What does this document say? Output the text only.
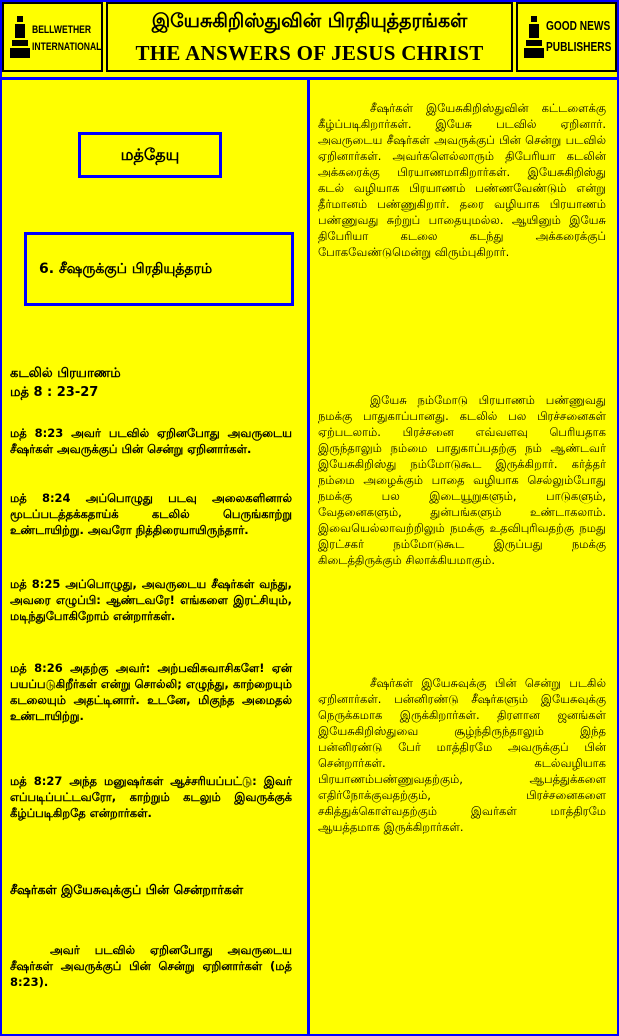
BELLWETHER
INTERNATIONAL
இயேசுகிறிஸ்துவின் பிரதியுத்தரங்கள்
THE ANSWERS OF JESUS CHRIST
GOOD NEWS
PUBLISHERS
மத்தேயு
6. சீஷருக்குப் பிரதியுத்தரம்

கடலில் பிரயாணம்
மத் 8 : 23-27

மத் 8:23 அவர் படவில் ஏறினபோது அவருடைய சீஷர்கள் அவருக்குப் பின் சென்று ஏறினார்கள்.

மத் 8:24 அப்பொழுது படவு அலைகளினால் மூடப்படத்தக்கதாய்க் கடலில் பெருங்காற்று உண்டாயிற்று. அவரோ நித்திரையாயிருந்தார்.

மத் 8:25 அப்பொழுது, அவருடைய சீஷர்கள் வந்து, அவரை எழுப்பி: ஆண்டவரே! எங்களை இரட்சியும், மடிந்துபோகிறோம் என்றார்கள்.

மத் 8:26 அதற்கு அவர்: அற்பவிசுவாசிகளே! ஏன் பயப்படுகிறீர்கள் என்று சொல்லி; எழுந்து, காற்றையும் கடலையும் அதட்டினார். உடனே, மிகுந்த அமைதல் உண்டாயிற்று.

மத் 8:27 அந்த மனுஷர்கள் ஆச்சரியப்பட்டு: இவர் எப்படிப்பட்டவரோ, காற்றும் கடலும் இவருக்குக் கீழ்ப்படிகிறதே என்றார்கள்.

சீஷர்கள் இயேசுவுக்குப் பின் சென்றார்கள்

அவர் படவில் ஏறினபோது அவருடைய சீஷர்கள் அவருக்குப் பின் சென்று ஏறினார்கள் (மத் 8:23).

சீஷர்கள் இயேசுகிறிஸ்துவின் கட்டளைக்கு கீழ்ப்படிகிறார்கள். இயேசு படவில் ஏறினார். அவருடைய சீஷர்கள் அவருக்குப் பின் சென்று படவில் ஏறினார்கள். அவர்களெல்லாரும் திபேரியா கடலின் அக்கரைக்கு பிரயாணமாகிறார்கள். இயேசுகிறிஸ்து கடல் வழியாக பிரயாணம் பண்ணவேண்டும் என்று தீர்மானம் பண்ணுகிறார். தரை வழியாக பிரயாணம் பண்ணுவது சுற்றுப் பாதையுமல்ல. ஆயினும் இயேசு திபேரியா கடலை கடந்து அக்கரைக்குப் போகவேண்டுமென்று விரும்புகிறார்.

இயேசு நம்மோடு பிரயாணம் பண்ணுவது நமக்கு பாதுகாப்பானது. கடலில் பல பிரச்சனைகள் ஏற்படலாம். பிரச்சனை எவ்வளவு பெரியதாக இருந்தாலும் நம்மை பாதுகாப்பதற்கு நம் ஆண்டவர் இயேசுகிறிஸ்து நம்மோடுகூட இருக்கிறார். கர்த்தர் நம்மை அழைக்கும் பாதை வழியாக செல்லும்போது நமக்கு பல இடையூறுகளும், பாடுகளும், வேதனைகளும், துன்பங்களும் உண்டாகலாம். இவையெல்லாவற்றிலும் நமக்கு உதவிபுரிவதற்கு நமது இரட்சகர் நம்மோடுகூட இருப்பது நமக்கு கிடைத்திருக்கும் சிலாக்கியமாகும்.

சீஷர்கள் இயேசுவுக்கு பின் சென்று படகில் ஏறினார்கள். பன்னிரண்டு சீஷர்களும் இயேசுவுக்கு நெருக்கமாக இருக்கிறார்கள். திரளான ஜனங்கள் இயேசுகிறிஸ்துவை சூழ்ந்திருந்தாலும் இந்த பன்னிரண்டு பேர் மாத்திரமே அவருக்குப் பின் சென்றார்கள். கடல்வழியாக பிரயாணம்பண்ணுவதற்கும், ஆபத்துக்களை எதிர்நோக்குவதற்கும், பிரச்சனைகளை சகித்துக்கொள்வதற்கும் இவர்கள் மாத்திரமே ஆயத்தமாக இருக்கிறார்கள்.
